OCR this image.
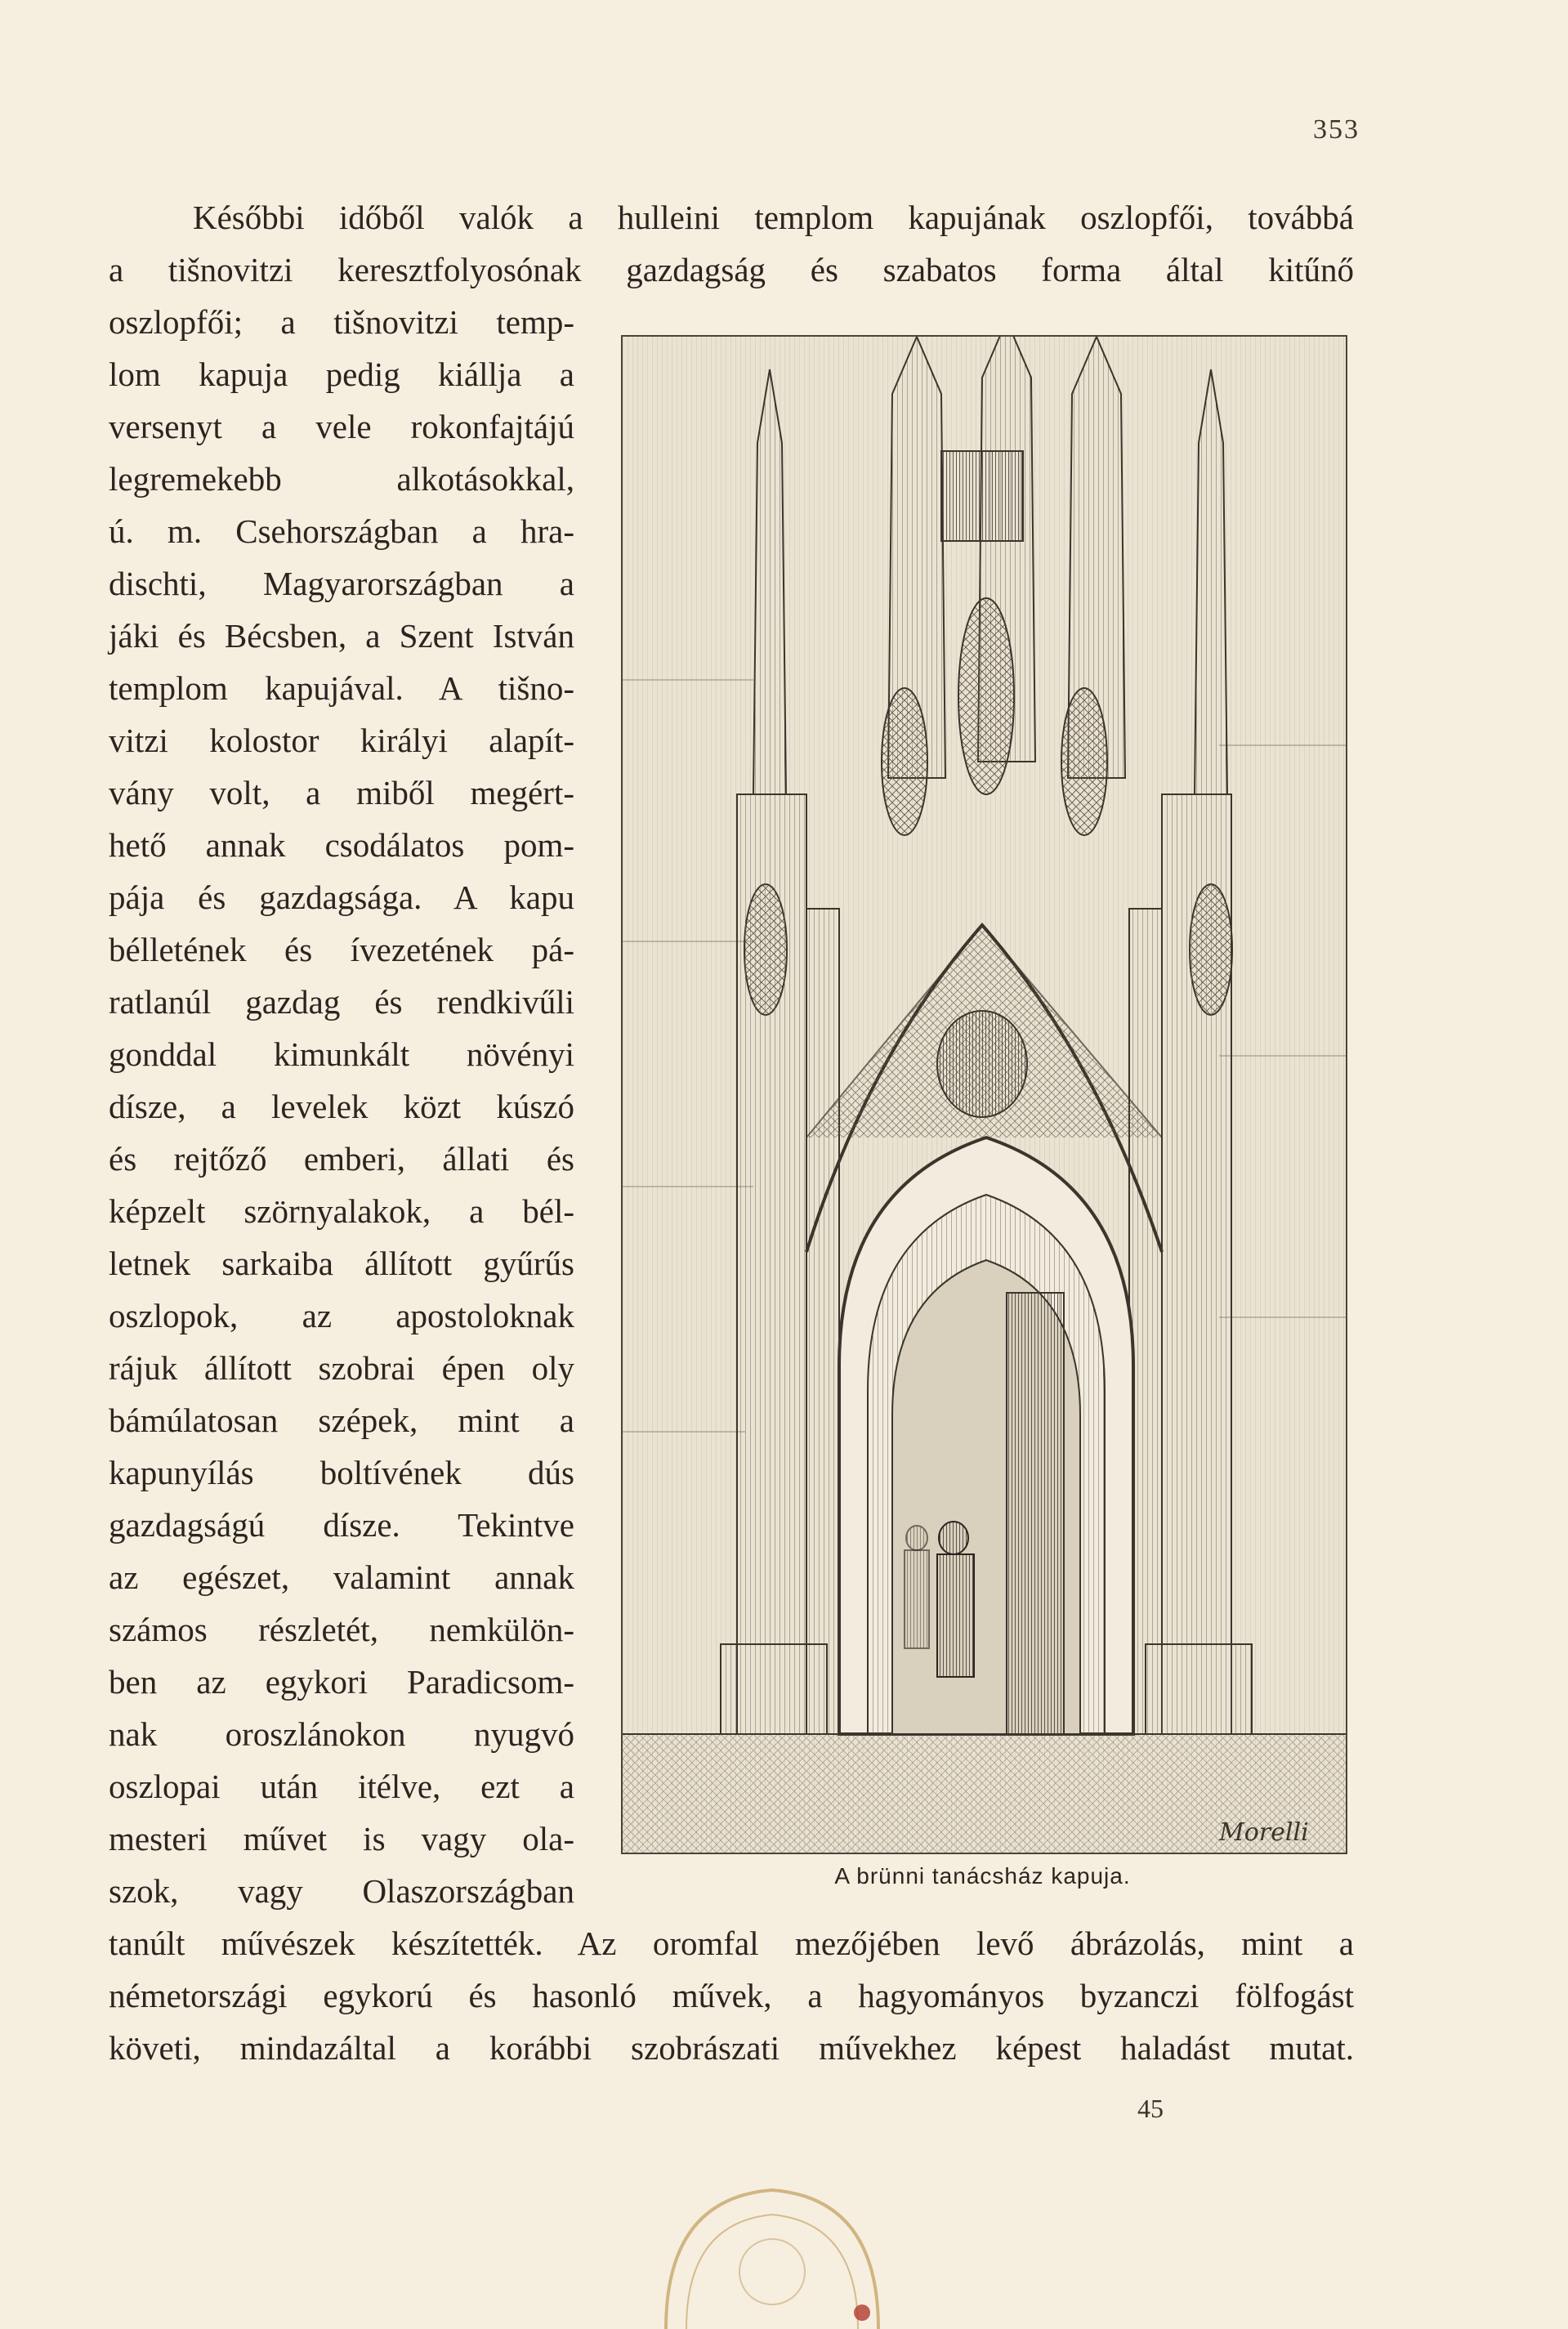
353
Későbbi időből valók a hulleini templom kapujának oszlopfői, továbbá
a tišnovitzi keresztfolyosónak gazdagság és szabatos forma által kitűnő
oszlopfői; a tišnovitzi temp-
lom kapuja pedig kiállja a
versenyt a vele rokonfajtájú
legremekebb alkotásokkal,
ú. m. Csehországban a hra-
dischti, Magyarországban a
jáki és Bécsben, a Szent István
templom kapujával. A tišno-
vitzi kolostor királyi alapít-
vány volt, a miből megért-
hető annak csodálatos pom-
pája és gazdagsága. A kapu
bélletének és ívezetének pá-
ratlanúl gazdag és rendkivűli
gonddal kimunkált növényi
dísze, a levelek közt kúszó
és rejtőző emberi, állati és
képzelt szörnyalakok, a bél-
letnek sarkaiba állított gyűrűs
oszlopok, az apostoloknak
rájuk állított szobrai épen oly
bámúlatosan szépek, mint a
kapunyílás boltívének dús
gazdagságú dísze. Tekintve
az egészet, valamint annak
számos részletét, nemkülön-
ben az egykori Paradicsom-
nak oroszlánokon nyugvó
oszlopai után itélve, ezt a
mesteri művet is vagy ola-
szok, vagy Olaszországban
tanúlt művészek készítették. Az oromfal mezőjében levő ábrázolás, mint a
németországi egykorú és hasonló művek, a hagyományos byzanczi fölfogást
követi, mindazáltal a korábbi szobrászati művekhez képest haladást mutat.
Morelli
A brünni tanácsház kapuja.
45
